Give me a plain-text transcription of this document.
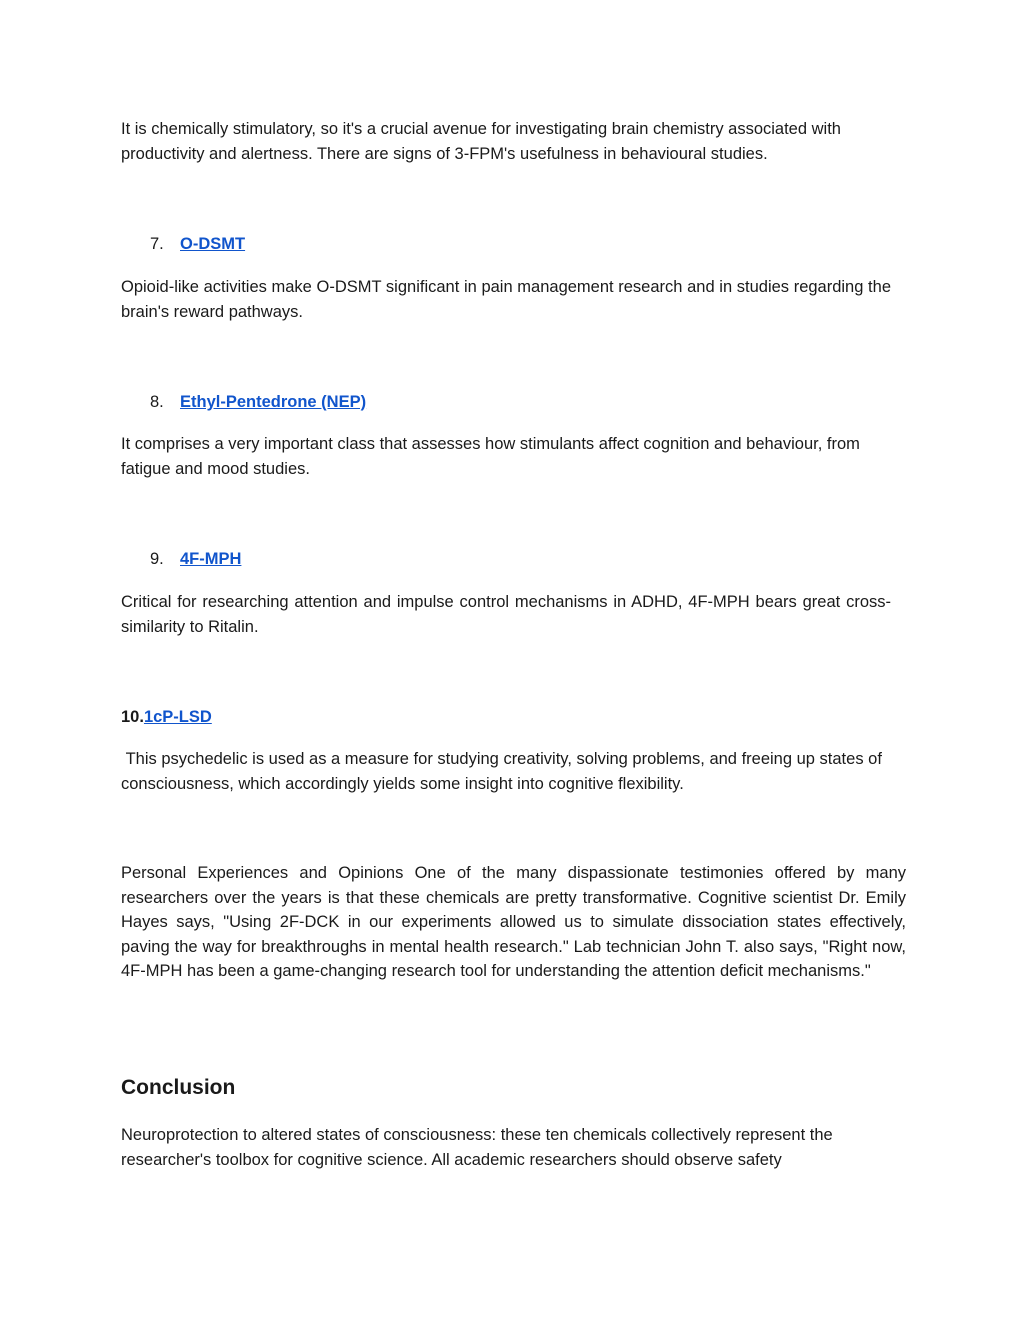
It is chemically stimulatory, so it's a crucial avenue for investigating brain chemistry associated with productivity and alertness. There are signs of 3-FPM's usefulness in behavioural studies.

7. O-DSMT

Opioid-like activities make O-DSMT significant in pain management research and in studies regarding the brain's reward pathways.

8. Ethyl-Pentedrone (NEP)

It comprises a very important class that assesses how stimulants affect cognition and behaviour, from fatigue and mood studies.

9. 4F-MPH

Critical for researching attention and impulse control mechanisms in ADHD, 4F-MPH bears great cross-similarity to Ritalin.

10.1cP-LSD

This psychedelic is used as a measure for studying creativity, solving problems, and freeing up states of consciousness, which accordingly yields some insight into cognitive flexibility.

Personal Experiences and Opinions One of the many dispassionate testimonies offered by many researchers over the years is that these chemicals are pretty transformative. Cognitive scientist Dr. Emily Hayes says, "Using 2F-DCK in our experiments allowed us to simulate dissociation states effectively, paving the way for breakthroughs in mental health research." Lab technician John T. also says, "Right now, 4F-MPH has been a game-changing research tool for understanding the attention deficit mechanisms."

Conclusion

Neuroprotection to altered states of consciousness: these ten chemicals collectively represent the researcher's toolbox for cognitive science. All academic researchers should observe safety
